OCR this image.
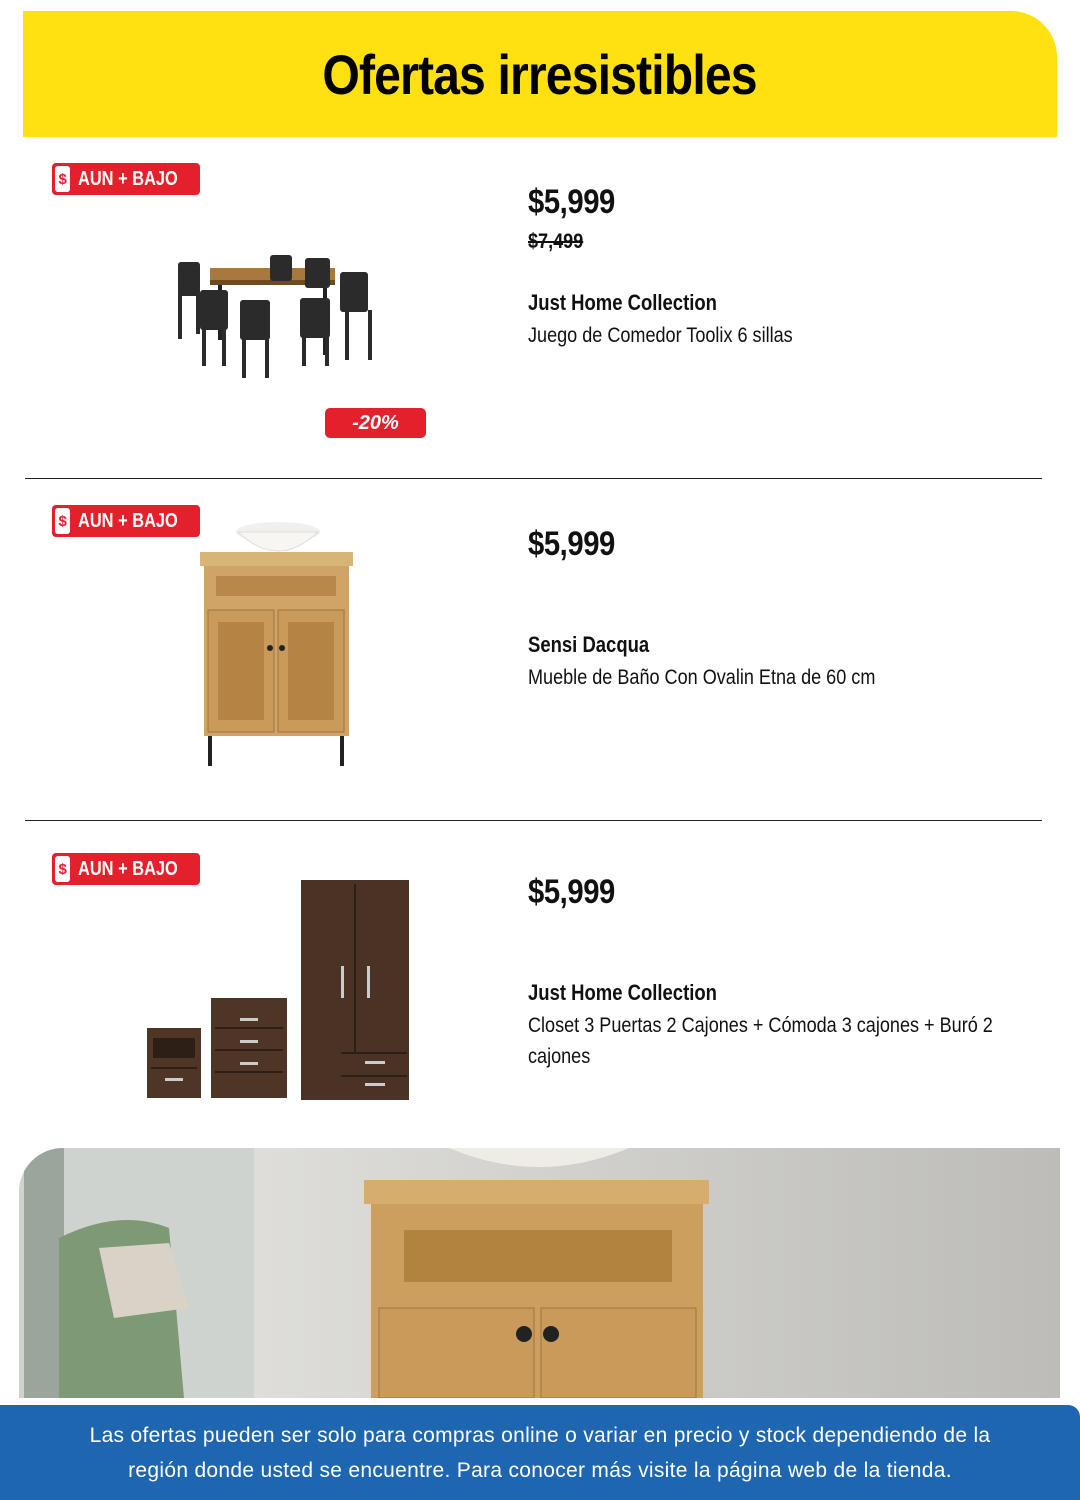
Ofertas irresistibles
$ AUN + BAJO
-20%
$5,999
$7,499
Just Home Collection
Juego de Comedor Toolix 6 sillas
$ AUN + BAJO
$5,999
Sensi Dacqua
Mueble de Baño Con Ovalin Etna de 60 cm
$ AUN + BAJO
$5,999
Just Home Collection
Closet 3 Puertas 2 Cajones + Cómoda 3 cajones + Buró 2 cajones

Las ofertas pueden ser solo para compras online o variar en precio y stock dependiendo de la región donde usted se encuentre. Para conocer más visite la página web de la tienda.
